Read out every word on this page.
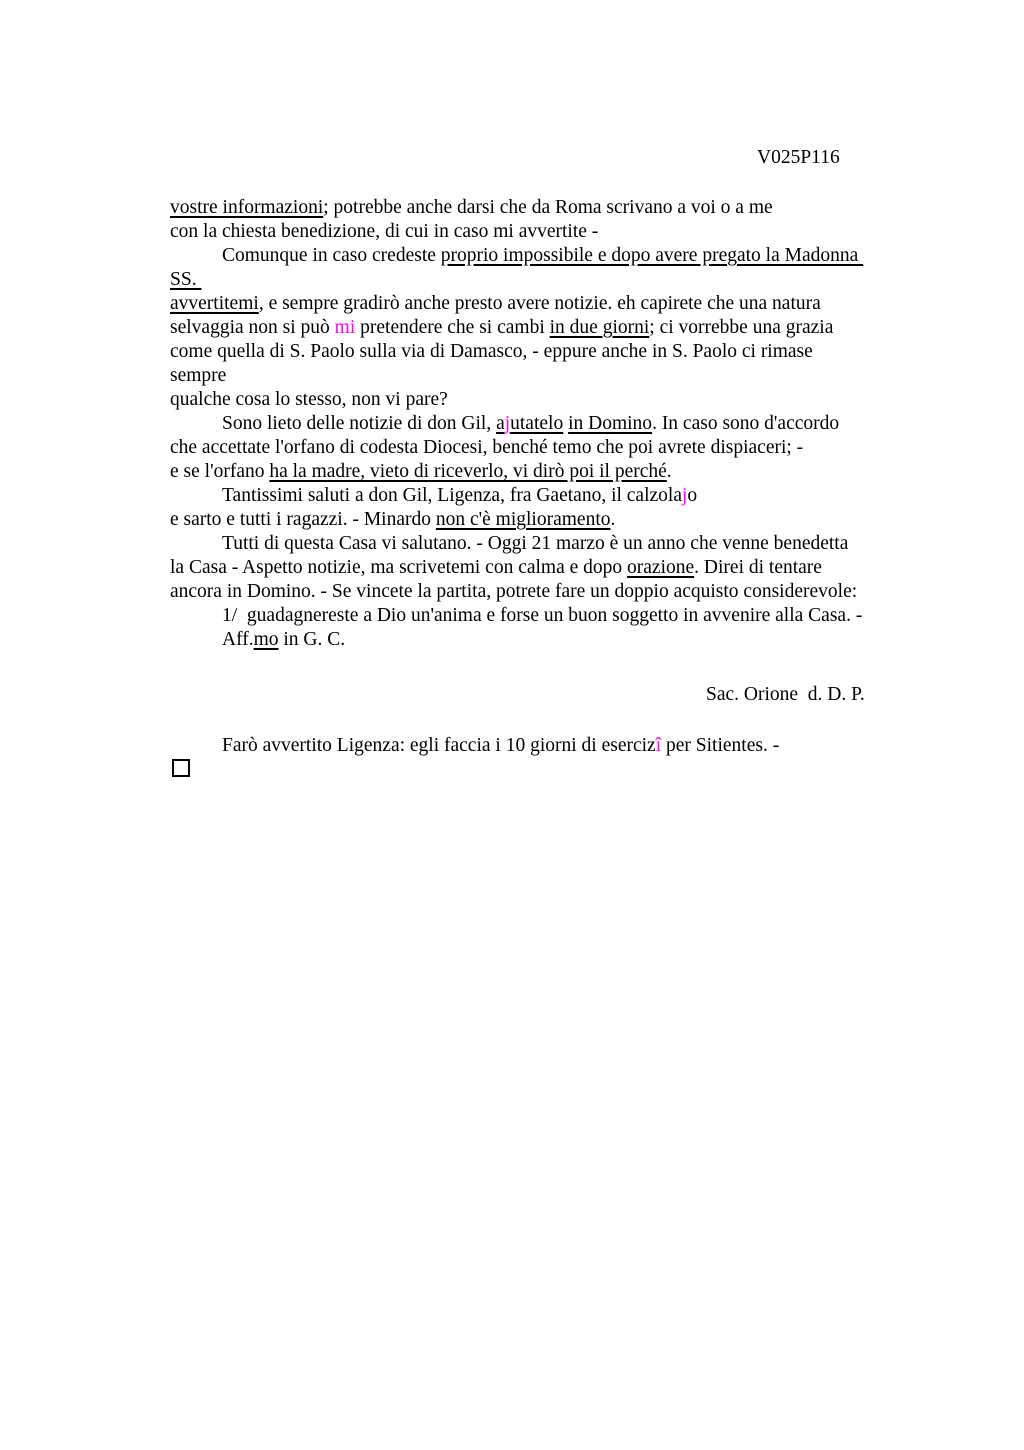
V025P116
vostre informazioni; potrebbe anche darsi che da Roma scrivano a voi o a me
con la chiesta benedizione, di cui in caso mi avvertite -
Comunque in caso credeste proprio impossibile e dopo avere pregato la Madonna
SS.
avvertitemi, e sempre gradirò anche presto avere notizie. eh capirete che una natura
selvaggia non si può mi pretendere che si cambi in due giorni; ci vorrebbe una grazia
come quella di S. Paolo sulla via di Damasco, - eppure anche in S. Paolo ci rimase
sempre
qualche cosa lo stesso, non vi pare?
Sono lieto delle notizie di don Gil, ajutatelo in Domino. In caso sono d'accordo
che accettate l'orfano di codesta Diocesi, benché temo che poi avrete dispiaceri; -
e se l'orfano ha la madre, vieto di riceverlo, vi dirò poi il perché.
Tantissimi saluti a don Gil, Ligenza, fra Gaetano, il calzolajo
e sarto e tutti i ragazzi. - Minardo non c'è miglioramento.
Tutti di questa Casa vi salutano. - Oggi 21 marzo è un anno che venne benedetta
la Casa - Aspetto notizie, ma scrivetemi con calma e dopo orazione. Direi di tentare
ancora in Domino. - Se vincete la partita, potrete fare un doppio acquisto considerevole:
1/  guadagnereste a Dio un'anima e forse un buon soggetto in avvenire alla Casa. -
Aff.mo in G. C.
Sac. Orione  d. D. P.
Farò avvertito Ligenza: egli faccia i 10 giorni di esercizî per Sitientes. -
